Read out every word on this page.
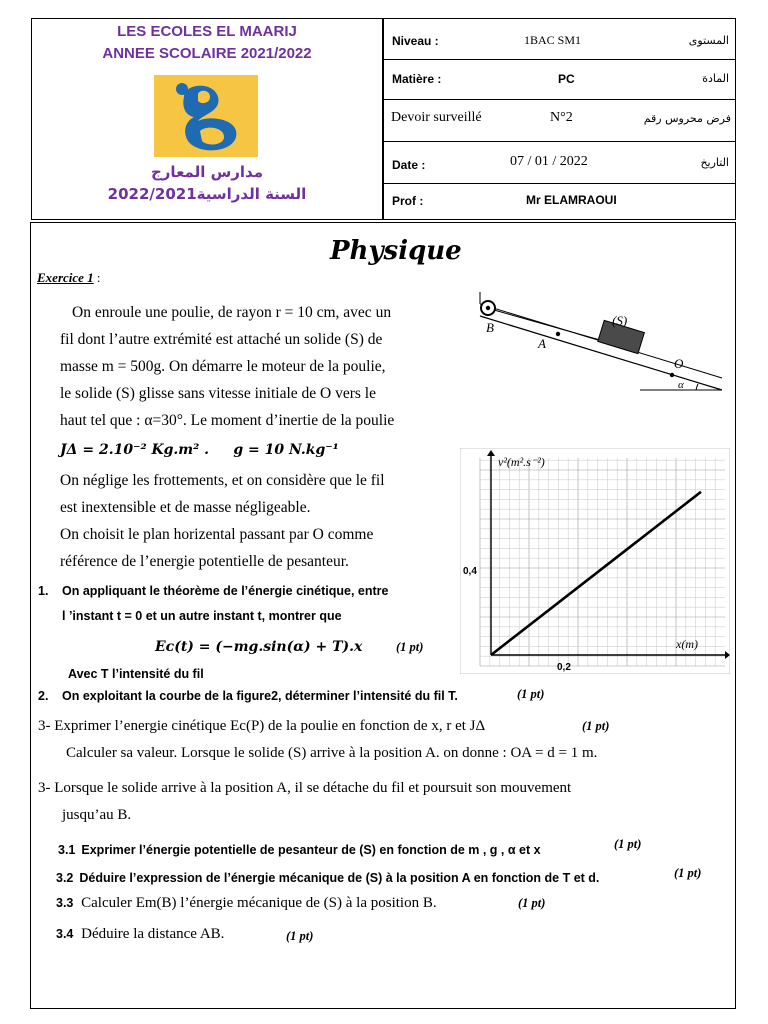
LES ECOLES EL MAARIJ
ANNEE SCOLAIRE 2021/2022
مدارس المعارج
السنة الدراسية2022/2021
Niveau :	1BAC SM1	المستوى
Matière :	PC	المادة
Devoir surveillé	N°2	فرض محروس رقم
Date :	07 / 01 / 2022	التاريخ
Prof :	Mr ELAMRAOUI
Physique
Exercice 1 :
On enroule une poulie, de rayon r = 10 cm, avec un
fil dont l’autre extrémité est attaché un solide (S) de
masse m = 500g. On démarre le moteur de la poulie,
le solide (S) glisse sans vitesse initiale de O vers le
haut tel que : α=30°. Le moment d’inertie de la poulie
JΔ = 2.10⁻² Kg.m² .     g = 10 N.kg⁻¹
On néglige les frottements, et on considère que le fil
est inextensible et de masse négligeable.
On choisit le plan horizental passant par O comme
référence de l’energie potentielle de pesanteur.
1. On appliquant le théorème de l’énergie cinétique, entre
l ’instant t = 0 et un autre instant t, montrer que
Eᴄ(t) = (−mg.sin(α) + T).x	(1 pt)
Avec T l’intensité du fil
2. On exploitant la courbe de la figure2, déterminer l’intensité du fil T.	(1 pt)
3- Exprimer l’energie cinétique Ec(P) de la poulie en fonction de x, r et JΔ	(1 pt)
Calculer sa valeur. Lorsque le solide (S) arrive à la position A. on donne : OA = d = 1 m.
3- Lorsque le solide arrive à la position A, il se détache du fil et poursuit son mouvement
jusqu’au B.
3.1 Exprimer l’énergie potentielle de pesanteur de (S) en fonction de m , g , α et x	(1 pt)
3.2 Déduire l’expression de l’énergie mécanique de (S) à la position A en fonction de T et d.	(1 pt)
3.3 Calculer Em(B) l’énergie mécanique de (S) à la position B.	(1 pt)
3.4 Déduire la distance AB.	(1 pt)
B
A
(S)
O
α
v²(m².s⁻²)
x(m)
0,4
0,2
